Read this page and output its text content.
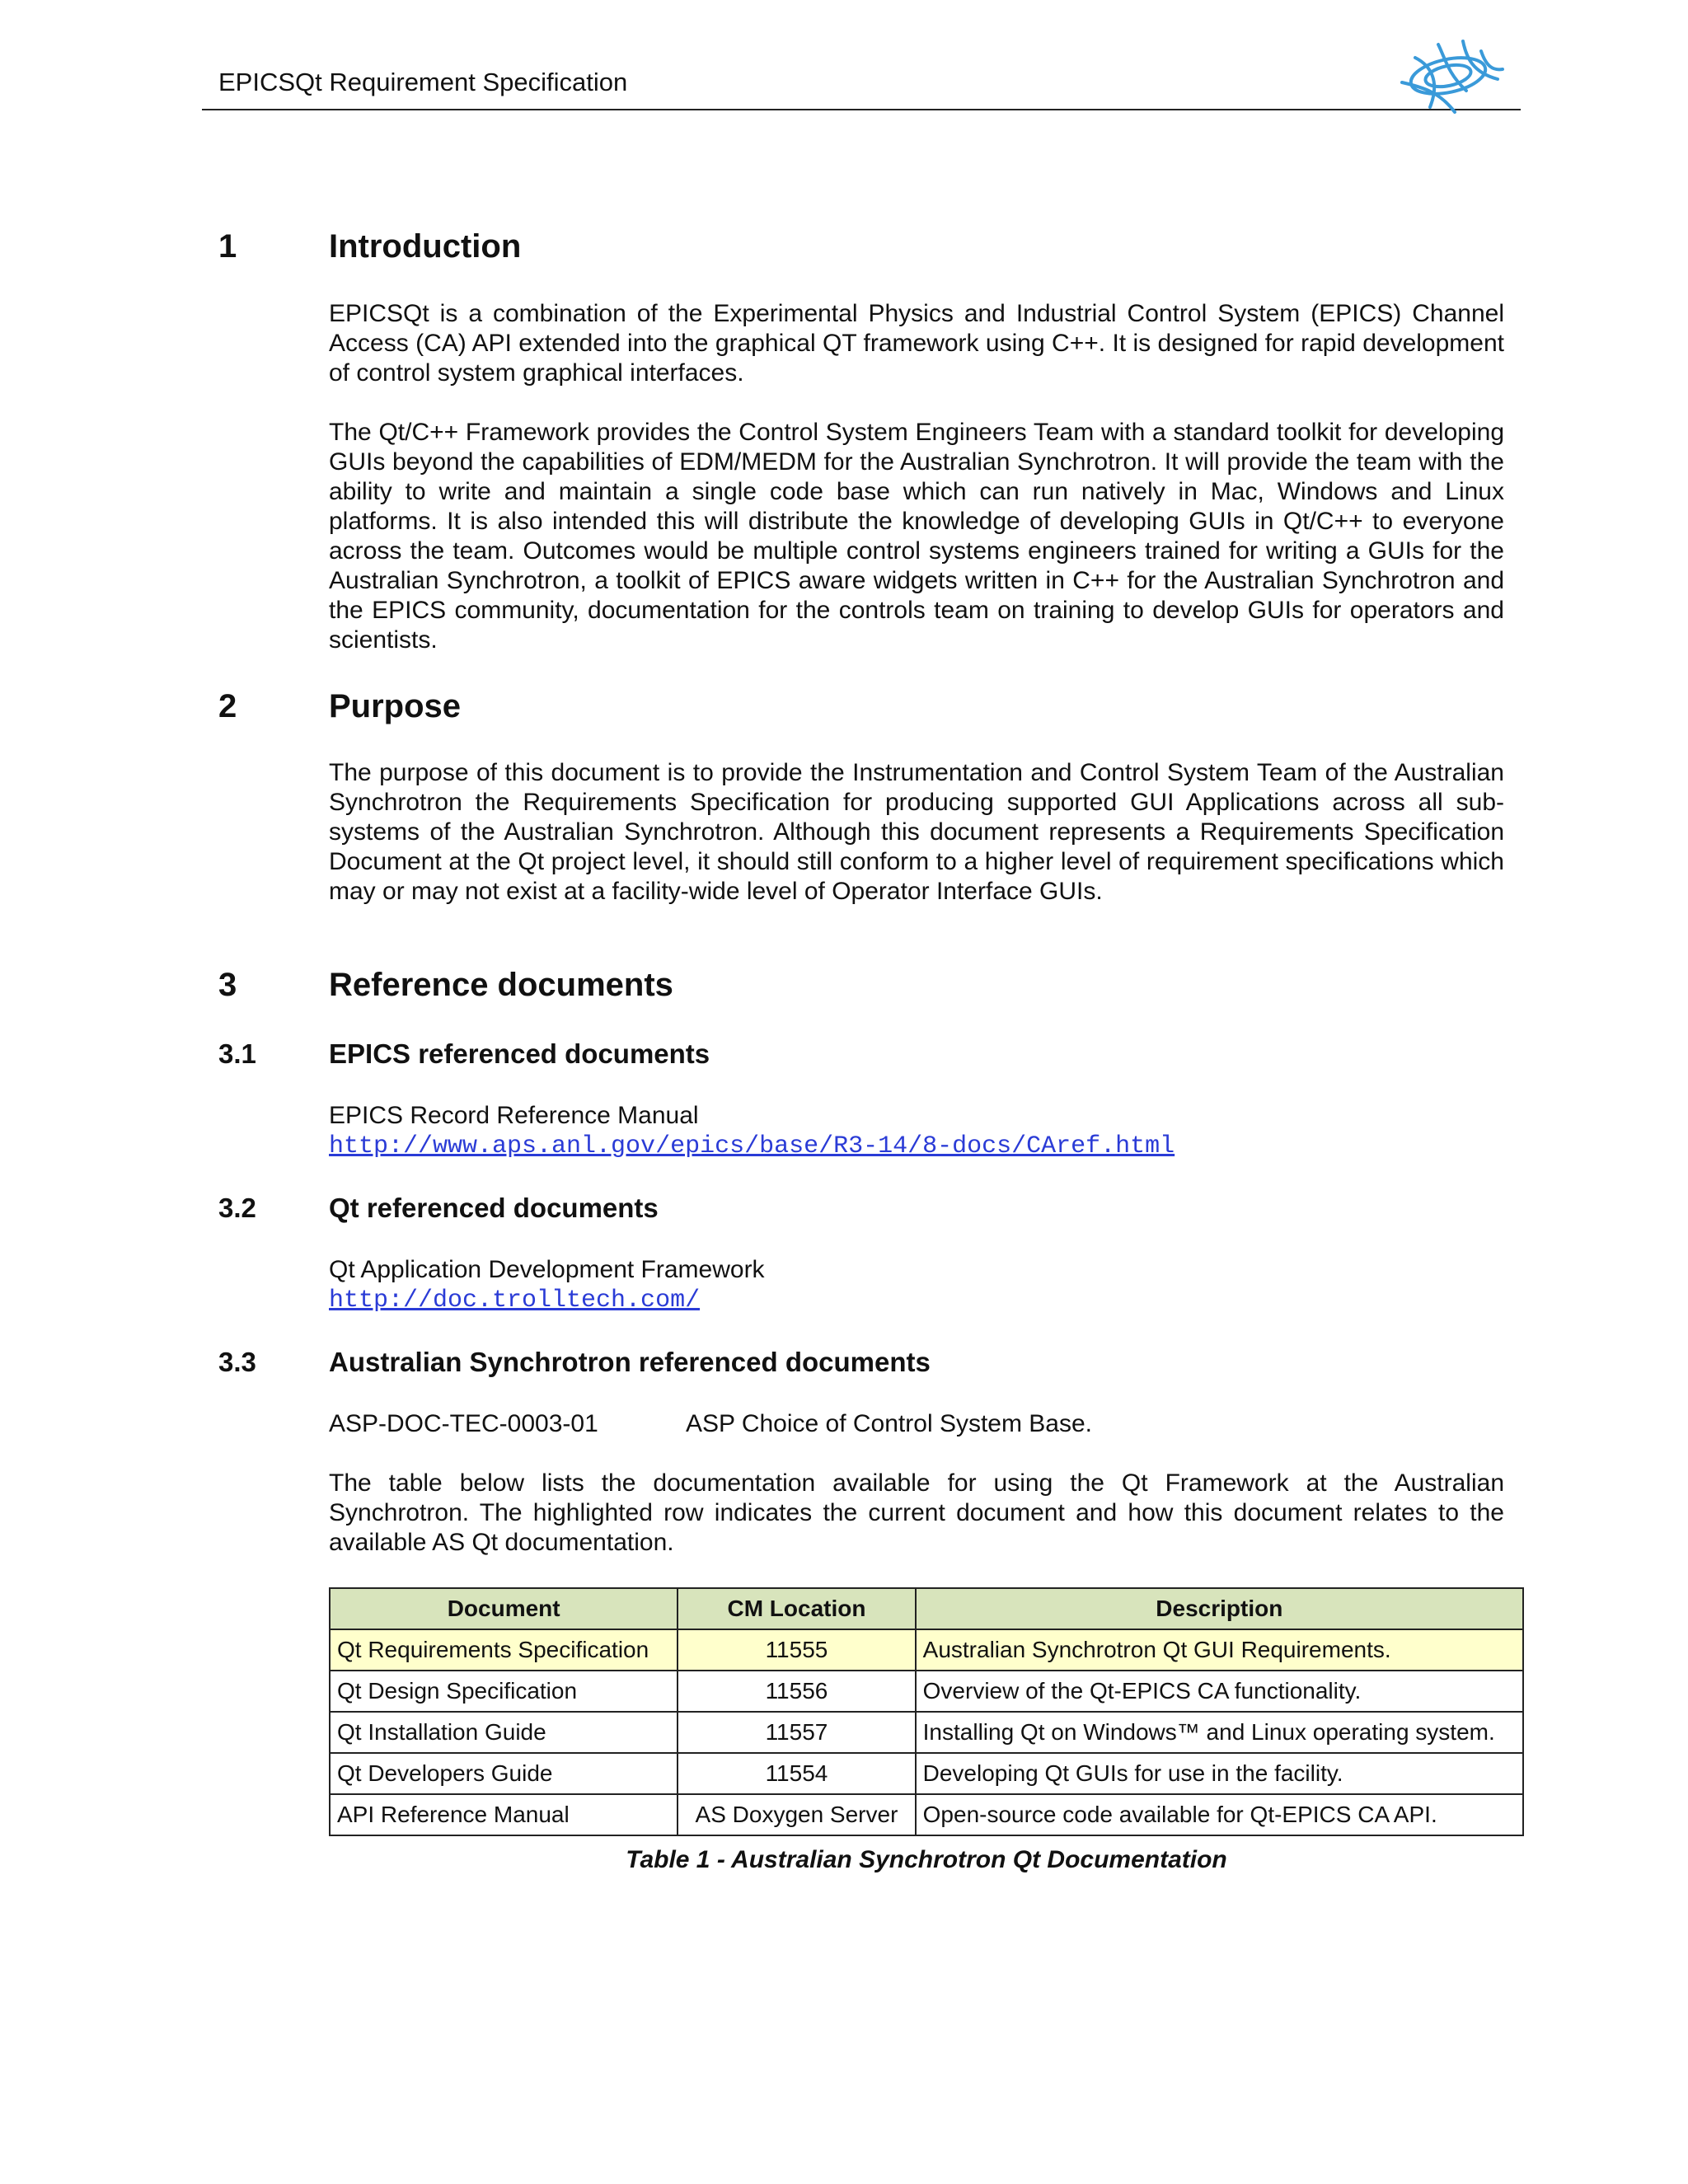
EPICSQt Requirement Specification
1	Introduction
EPICSQt is a combination of the Experimental Physics and Industrial Control System (EPICS) Channel Access (CA) API extended into the graphical QT framework using C++. It is designed for rapid development of control system graphical interfaces.
The Qt/C++ Framework provides the Control System Engineers Team with a standard toolkit for developing GUIs beyond the capabilities of EDM/MEDM for the Australian Synchrotron. It will provide the team with the ability to write and maintain a single code base which can run natively in Mac, Windows and Linux platforms. It is also intended this will distribute the knowledge of developing GUIs in Qt/C++ to everyone across the team. Outcomes would be multiple control systems engineers trained for writing a GUIs for the Australian Synchrotron, a toolkit of EPICS aware widgets written in C++ for the Australian Synchrotron and the EPICS community, documentation for the controls team on training to develop GUIs for operators and scientists.
2	Purpose
The purpose of this document is to provide the Instrumentation and Control System Team of the Australian Synchrotron the Requirements Specification for producing supported GUI Applications across all sub-systems of the Australian Synchrotron. Although this document represents a Requirements Specification Document at the Qt project level, it should still conform to a higher level of requirement specifications which may or may not exist at a facility-wide level of Operator Interface GUIs.
3	Reference documents
3.1	EPICS referenced documents
EPICS Record Reference Manual
http://www.aps.anl.gov/epics/base/R3-14/8-docs/CAref.html
3.2	Qt referenced documents
Qt Application Development Framework
http://doc.trolltech.com/
3.3	Australian Synchrotron referenced documents
ASP-DOC-TEC-0003-01	ASP Choice of Control System Base.
The table below lists the documentation available for using the Qt Framework at the Australian Synchrotron. The highlighted row indicates the current document and how this document relates to the available AS Qt documentation.
Document	CM Location	Description
Qt Requirements Specification	11555	Australian Synchrotron Qt GUI Requirements.
Qt Design Specification	11556	Overview of the Qt-EPICS CA functionality.
Qt Installation Guide	11557	Installing Qt on Windows™ and Linux operating system.
Qt Developers Guide	11554	Developing Qt GUIs for use in the facility.
API Reference Manual	AS Doxygen Server	Open-source code available for Qt-EPICS CA API.
Table 1 - Australian Synchrotron Qt Documentation
